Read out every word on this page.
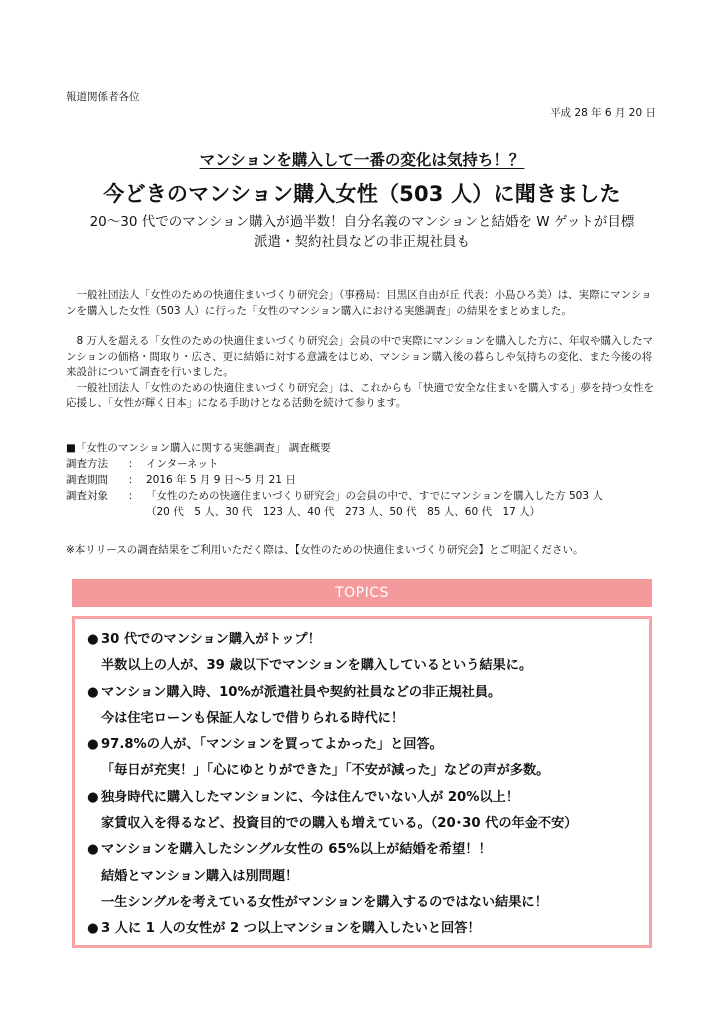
報道関係者各位
平成 28 年 6 月 20 日
マンションを購入して一番の変化は気持ち！？
今どきのマンション購入女性（503 人）に聞きました
20～30 代でのマンション購入が過半数！自分名義のマンションと結婚を W ゲットが目標
派遣・契約社員などの非正規社員も

一般社団法人「女性のための快適住まいづくり研究会」（事務局：目黒区自由が丘 代表：小島ひろ美）は、実際にマンションを購入した女性（503 人）に行った「女性のマンション購入における実態調査」の結果をまとめました。

8 万人を超える「女性のための快適住まいづくり研究会」会員の中で実際にマンションを購入した方に、年収や購入したマンションの価格・間取り・広さ、更に結婚に対する意識をはじめ、マンション購入後の暮らしや気持ちの変化、また今後の将来設計について調査を行いました。

一般社団法人「女性のための快適住まいづくり研究会」は、これからも「快適で安全な住まいを購入する」夢を持つ女性を応援し、「女性が輝く日本」になる手助けとなる活動を続けて参ります。

■「女性のマンション購入に関する実態調査」 調査概要
調査方法	： インターネット
調査期間	： 2016 年 5 月 9 日～5 月 21 日
調査対象	： 「女性のための快適住まいづくり研究会」の会員の中で、すでにマンションを購入した方 503 人
（20 代　5 人、30 代　123 人、40 代　273 人、50 代　85 人、60 代　17 人）
※本リリースの調査結果をご利用いただく際は、【女性のための快適住まいづくり研究会】とご明記ください。
TOPICS
● 30 代でのマンション購入がトップ！
半数以上の人が、39 歳以下でマンションを購入しているという結果に。
● マンション購入時、10%が派遣社員や契約社員などの非正規社員。
今は住宅ローンも保証人なしで借りられる時代に！
● 97.8%の人が、「マンションを買ってよかった」と回答。
「毎日が充実！」「心にゆとりができた」「不安が減った」などの声が多数。
● 独身時代に購入したマンションに、今は住んでいない人が 20%以上！
家賃収入を得るなど、投資目的での購入も増えている。（20･30 代の年金不安）
● マンションを購入したシングル女性の 65%以上が結婚を希望！！
結婚とマンション購入は別問題！
一生シングルを考えている女性がマンションを購入するのではない結果に！
● 3 人に 1 人の女性が 2 つ以上マンションを購入したいと回答！
